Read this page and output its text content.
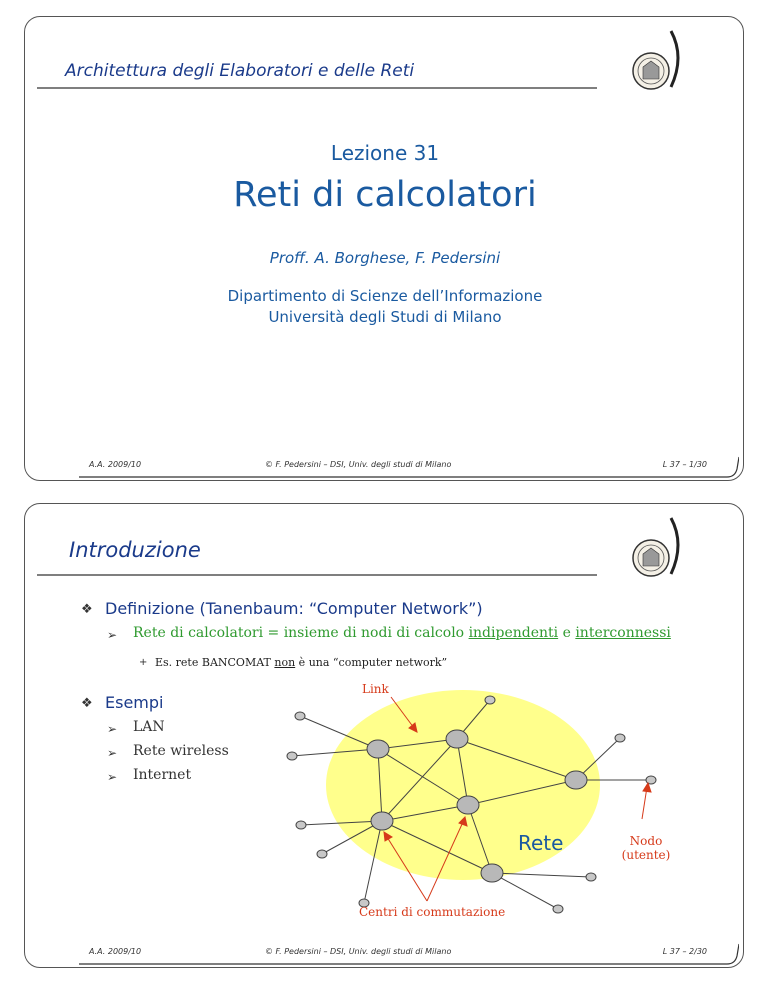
Architettura degli Elaboratori e delle Reti
Lezione 31
Reti di calcolatori
Proff. A. Borghese, F. Pedersini
Dipartimento di Scienze dell’Informazione
Università degli Studi di Milano
A.A. 2009/10	© F. Pedersini – DSI, Univ. degli studi di Milano	L 37 – 1/30
Introduzione
❖ Definizione (Tanenbaum: “Computer Network”)
➢ Rete di calcolatori = insieme di nodi di calcolo indipendenti e interconnessi
+ Es. rete BANCOMAT non è una “computer network”
❖ Esempi
➢ LAN
➢ Rete wireless
➢ Internet
Link
Rete	Nodo
(utente)
Centri di commutazione
A.A. 2009/10	© F. Pedersini – DSI, Univ. degli studi di Milano	L 37 – 2/30
